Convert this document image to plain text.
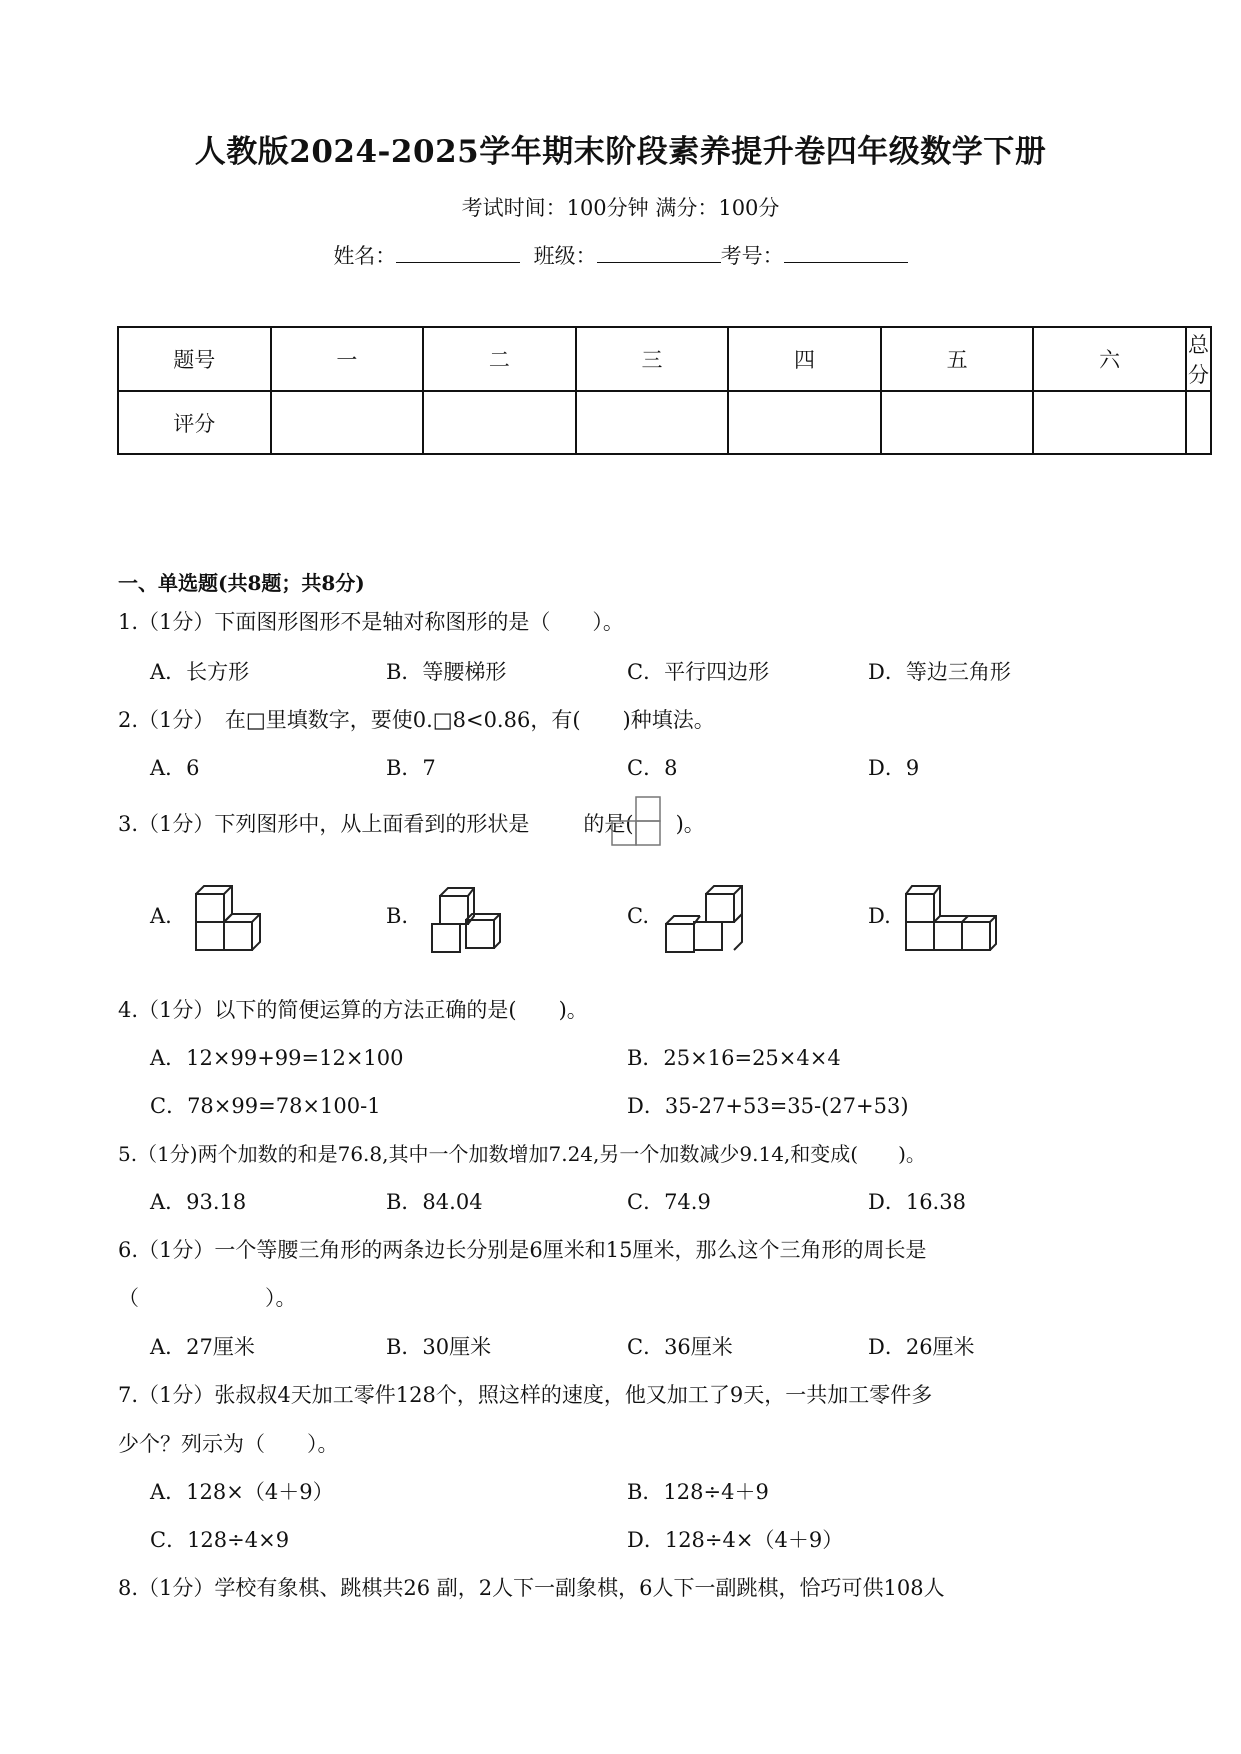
人教版2024-2025学年期末阶段素养提升卷四年级数学下册
考试时间：100分钟 满分：100分
姓名：	班级：	考号：
题号	一	二	三	四	五	六	总分
评分							
一、单选题(共8题；共8分)
1.（1分）下面图形图形不是轴对称图形的是（　　）。
A．长方形	B．等腰梯形	C．平行四边形	D．等边三角形
2.（1分）　在□里填数字，要使0.□8<0.86，有(　　)种填法。
A．6	B．7	C．8	D．9
3.（1分）下列图形中，从上面看到的形状是	的是(　　)。
A.	B.	C.	D.
4.（1分）以下的简便运算的方法正确的是(　　)。
A．12×99+99=12×100	B．25×16=25×4×4
C．78×99=78×100-1	D．35-27+53=35-(27+53)
5.（1分)两个加数的和是76.8,其中一个加数增加7.24,另一个加数减少9.14,和变成(　　)。
A．93.18	B．84.04	C．74.9	D．16.38
6.（1分）一个等腰三角形的两条边长分别是6厘米和15厘米，那么这个三角形的周长是
（　　　　　　）。
A．27厘米	B．30厘米	C．36厘米	D．26厘米
7.（1分）张叔叔4天加工零件128个，照这样的速度，他又加工了9天，一共加工零件多
少个？列示为（　　）。
A．128×（4＋9）	B．128÷4＋9
C．128÷4×9	D．128÷4×（4＋9）
8.（1分）学校有象棋、跳棋共26 副，2人下一副象棋，6人下一副跳棋，恰巧可供108人
